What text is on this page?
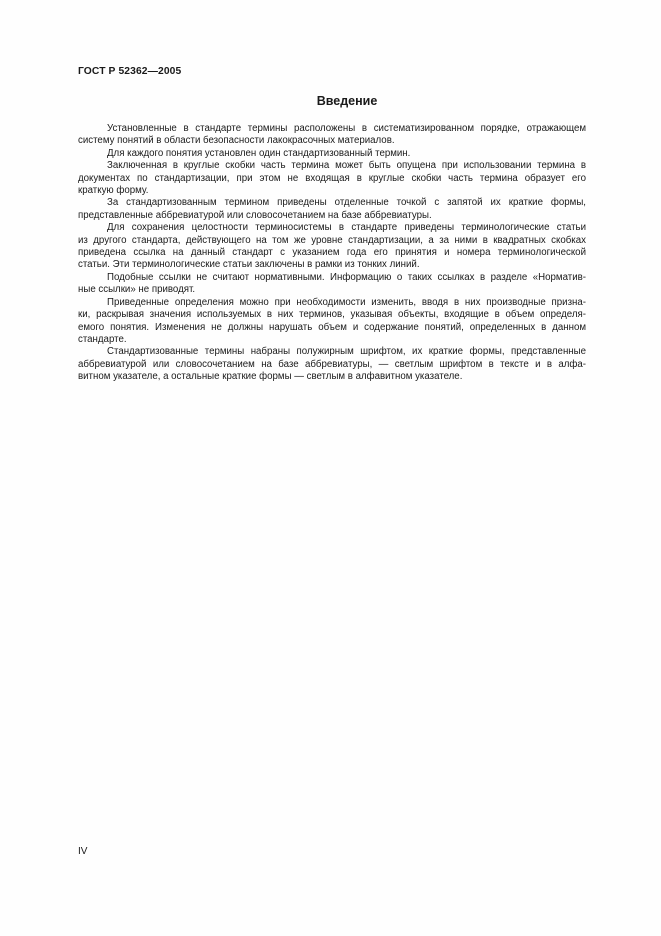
ГОСТ Р 52362—2005
Введение
Установленные в стандарте термины расположены в систематизированном порядке, отражающем
систему понятий в области безопасности лакокрасочных материалов.
Для каждого понятия установлен один стандартизованный термин.
Заключенная в круглые скобки часть термина может быть опущена при использовании термина в
документах по стандартизации, при этом не входящая в круглые скобки часть термина образует его
краткую форму.
За стандартизованным термином приведены отделенные точкой с запятой их краткие формы,
представленные аббревиатурой или словосочетанием на базе аббревиатуры.
Для сохранения целостности терминосистемы в стандарте приведены терминологические статьи
из другого стандарта, действующего на том же уровне стандартизации, а за ними в квадратных скобках
приведена ссылка на данный стандарт с указанием года его принятия и номера терминологической
статьи. Эти терминологические статьи заключены в рамки из тонких линий.
Подобные ссылки не считают нормативными. Информацию о таких ссылках в разделе «Норматив-
ные ссылки» не приводят.
Приведенные определения можно при необходимости изменить, вводя в них производные призна-
ки, раскрывая значения используемых в них терминов, указывая объекты, входящие в объем определя-
емого понятия. Изменения не должны нарушать объем и содержание понятий, определенных в данном
стандарте.
Стандартизованные термины набраны полужирным шрифтом, их краткие формы, представленные
аббревиатурой или словосочетанием на базе аббревиатуры, — светлым шрифтом в тексте и в алфа-
витном указателе, а остальные краткие формы — светлым в алфавитном указателе.
IV
